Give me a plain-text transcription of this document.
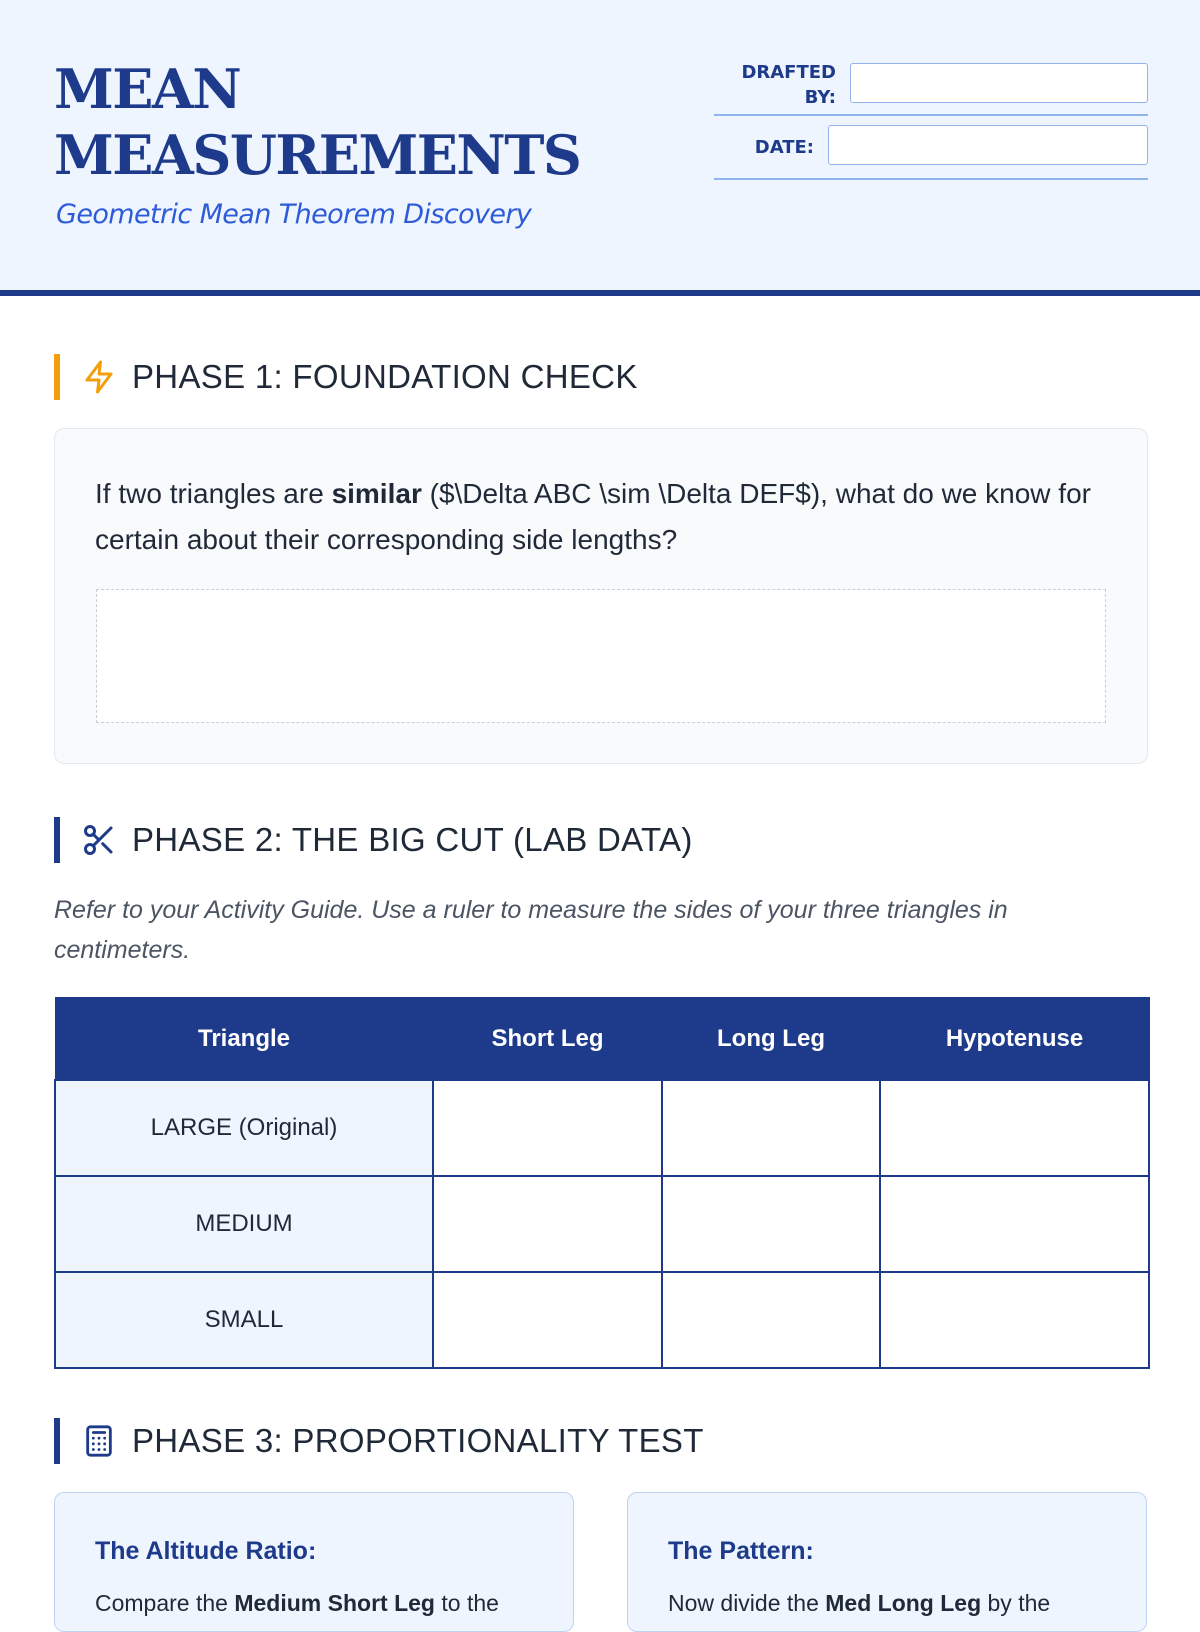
MEAN
MEASUREMENTS
Geometric Mean Theorem Discovery
DRAFTED BY:
DATE:
PHASE 1: FOUNDATION CHECK
If two triangles are similar ($\Delta ABC \sim \Delta DEF$), what do we know for certain about their corresponding side lengths?
PHASE 2: THE BIG CUT (LAB DATA)
Refer to your Activity Guide. Use a ruler to measure the sides of your three triangles in centimeters.
Triangle	Short Leg	Long Leg	Hypotenuse
LARGE (Original)			
MEDIUM			
SMALL			
PHASE 3: PROPORTIONALITY TEST
The Altitude Ratio:
Compare the Medium Short Leg to the
The Pattern:
Now divide the Med Long Leg by the
